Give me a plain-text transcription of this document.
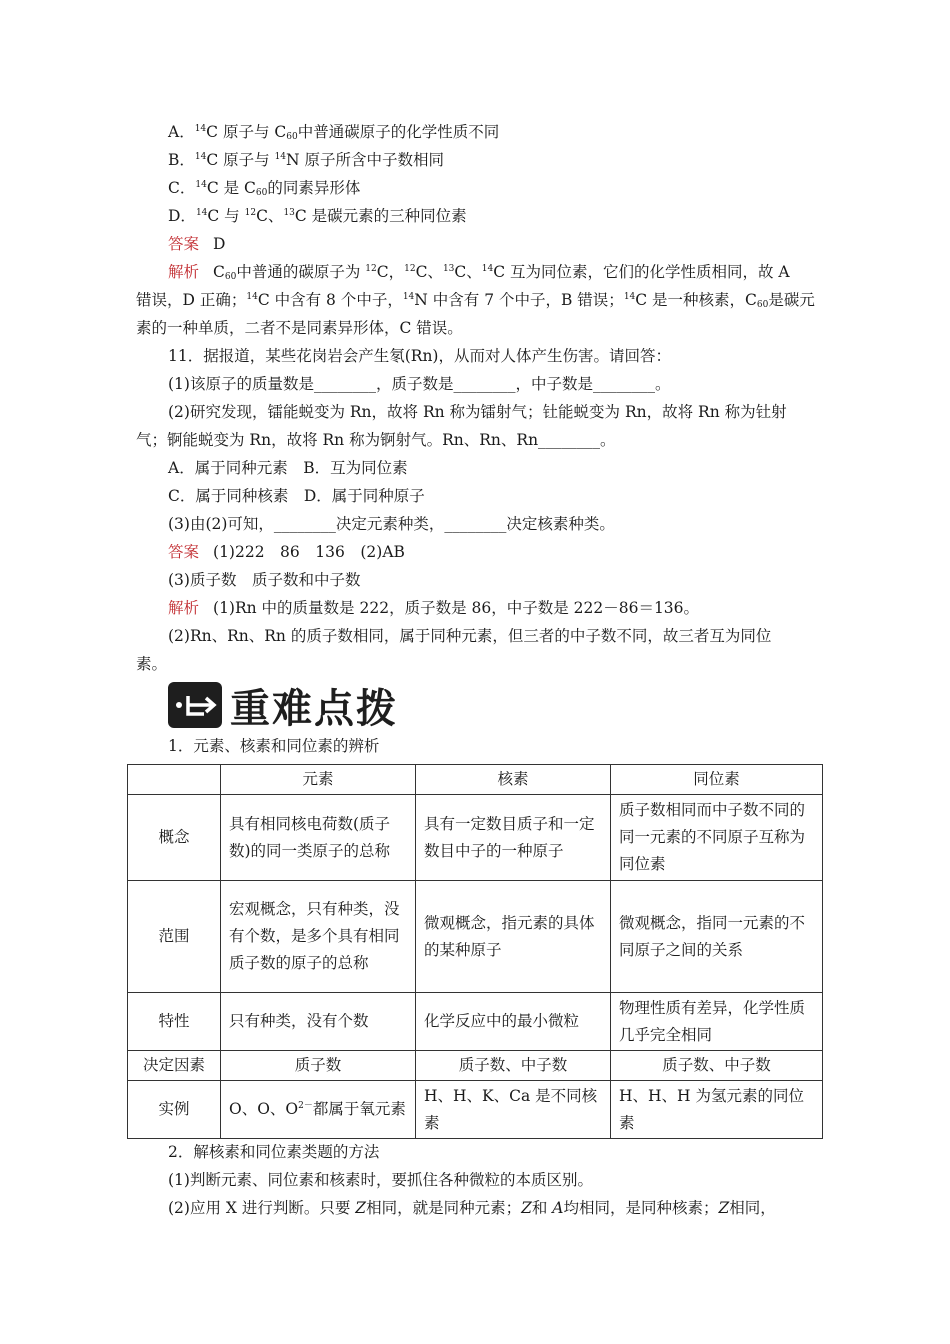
A．$^{14}$C 原子与 $C_{60}$中普通碳原子的化学性质不同
B．$^{14}$C 原子与 $^{14}$N 原子所含中子数相同
C．$^{14}$C 是 $C_{60}$的同素异形体
D．$^{14}$C 与 $^{12}$C、$^{13}$C 是碳元素的三种同位素
答案 D
解析 $C_{60}$中普通的碳原子为 $^{12}$C，$^{12}$C、$^{13}$C、$^{14}$C 互为同位素，它们的化学性质相同，故 A
错误，D 正确；$^{14}$C 中含有 8 个中子，$^{14}$N 中含有 7 个中子，B 错误；$^{14}$C 是一种核素，$C_{60}$是碳元
素的一种单质，二者不是同素异形体，C 错误。
11．据报道，某些花岗岩会产生氡(Rn)，从而对人体产生伤害。请回答：
(1)该原子的质量数是________，质子数是________，中子数是________。
(2)研究发现，镭能蜕变为 Rn，故将 Rn 称为镭射气；钍能蜕变为 Rn，故将 Rn 称为钍射
气；锕能蜕变为 Rn，故将 Rn 称为锕射气。Rn、Rn、Rn________。
A．属于同种元素　B．互为同位素
C．属于同种核素　D．属于同种原子
(3)由(2)可知，________决定元素种类，________决定核素种类。
答案 (1)222　86　136　(2)AB
(3)质子数　质子数和中子数
解析 (1)Rn 中的质量数是 222，质子数是 86，中子数是 222－86＝136。
(2)Rn、Rn、Rn 的质子数相同，属于同种元素，但三者的中子数不同，故三者互为同位
素。
重难点拨
1．元素、核素和同位素的辨析
	元素	核素	同位素
概念	具有相同核电荷数(质子数)的同一类原子的总称	具有一定数目质子和一定数目中子的一种原子	质子数相同而中子数不同的同一元素的不同原子互称为同位素
范围	宏观概念，只有种类，没有个数，是多个具有相同质子数的原子的总称	微观概念，指元素的具体的某种原子	微观概念，指同一元素的不同原子之间的关系
特性	只有种类，没有个数	化学反应中的最小微粒	物理性质有差异，化学性质几乎完全相同
决定因素	质子数	质子数、中子数	质子数、中子数
实例	O、O、$O^{2-}$都属于氧元素	H、H、K、Ca 是不同核素	H、H、H 为氢元素的同位素
2．解核素和同位素类题的方法
(1)判断元素、同位素和核素时，要抓住各种微粒的本质区别。
(2)应用 X 进行判断。只要 Z相同，就是同种元素；Z和 A均相同，是同种核素；Z相同，
